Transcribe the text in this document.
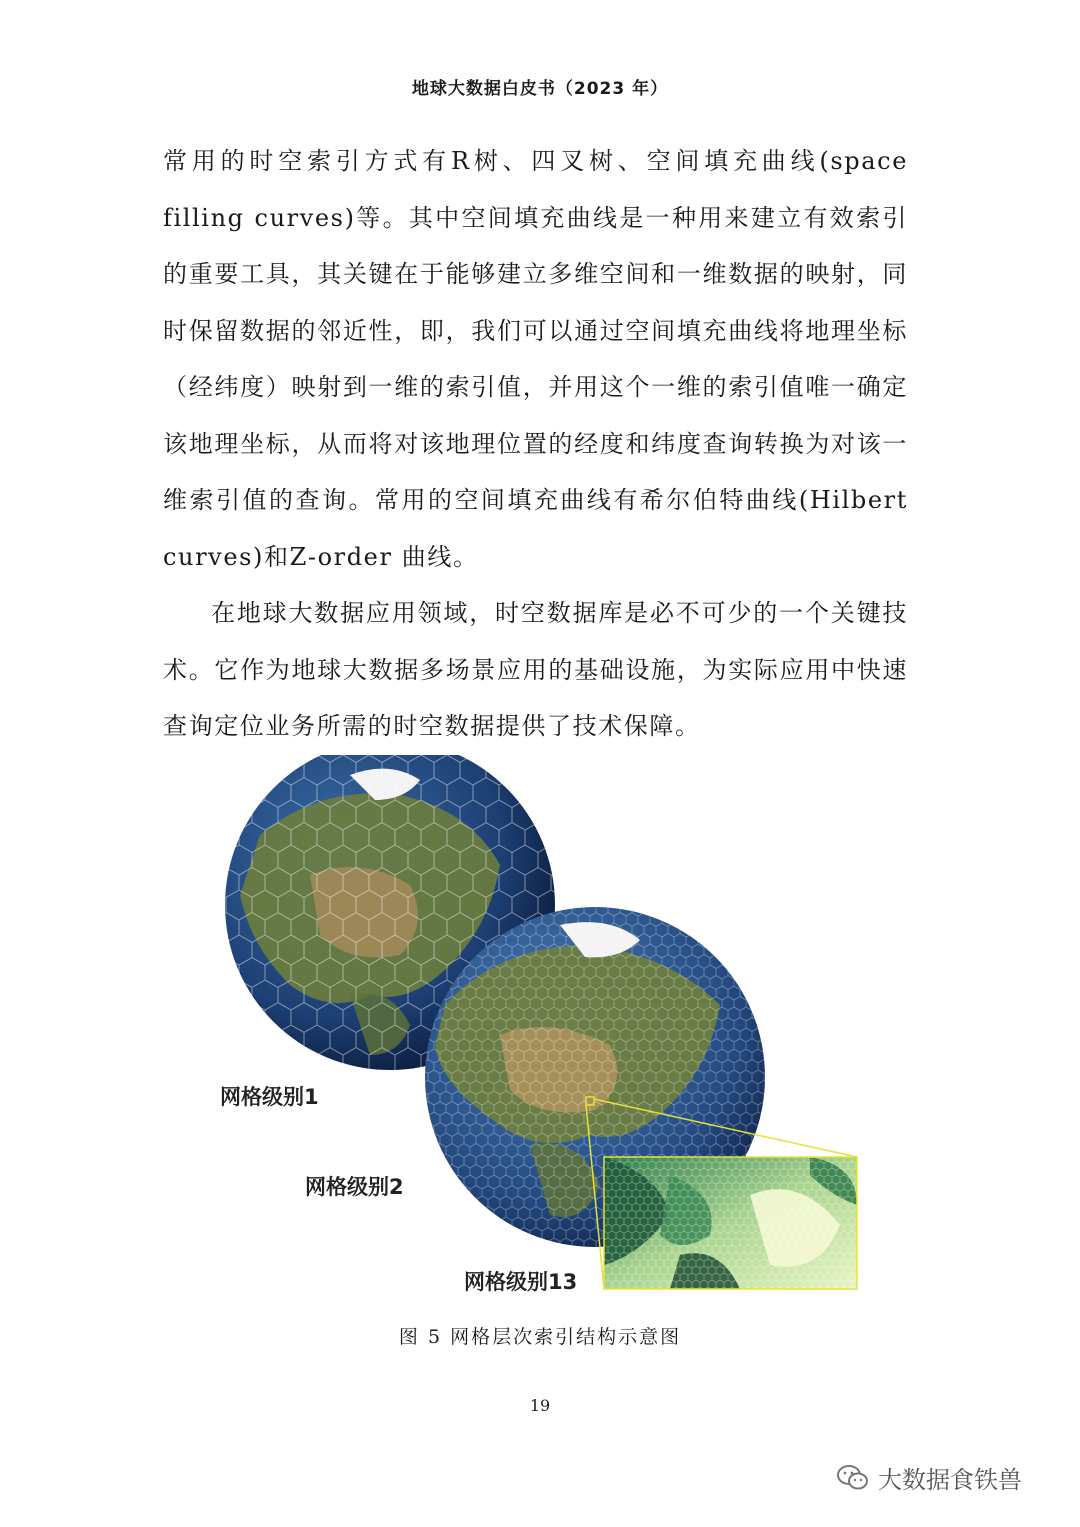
地球大数据白皮书（2023 年）

常用的时空索引方式有R树、四叉树、空间填充曲线(space filling curves)等。其中空间填充曲线是一种用来建立有效索引的重要工具，其关键在于能够建立多维空间和一维数据的映射，同时保留数据的邻近性，即，我们可以通过空间填充曲线将地理坐标（经纬度）映射到一维的索引值，并用这个一维的索引值唯一确定该地理坐标，从而将对该地理位置的经度和纬度查询转换为对该一维索引值的查询。常用的空间填充曲线有希尔伯特曲线(Hilbert curves)和Z-order 曲线。

在地球大数据应用领域，时空数据库是必不可少的一个关键技术。它作为地球大数据多场景应用的基础设施，为实际应用中快速查询定位业务所需的时空数据提供了技术保障。

网格级别1
网格级别2
网格级别13
图 5 网格层次索引结构示意图
19
大数据食铁兽
